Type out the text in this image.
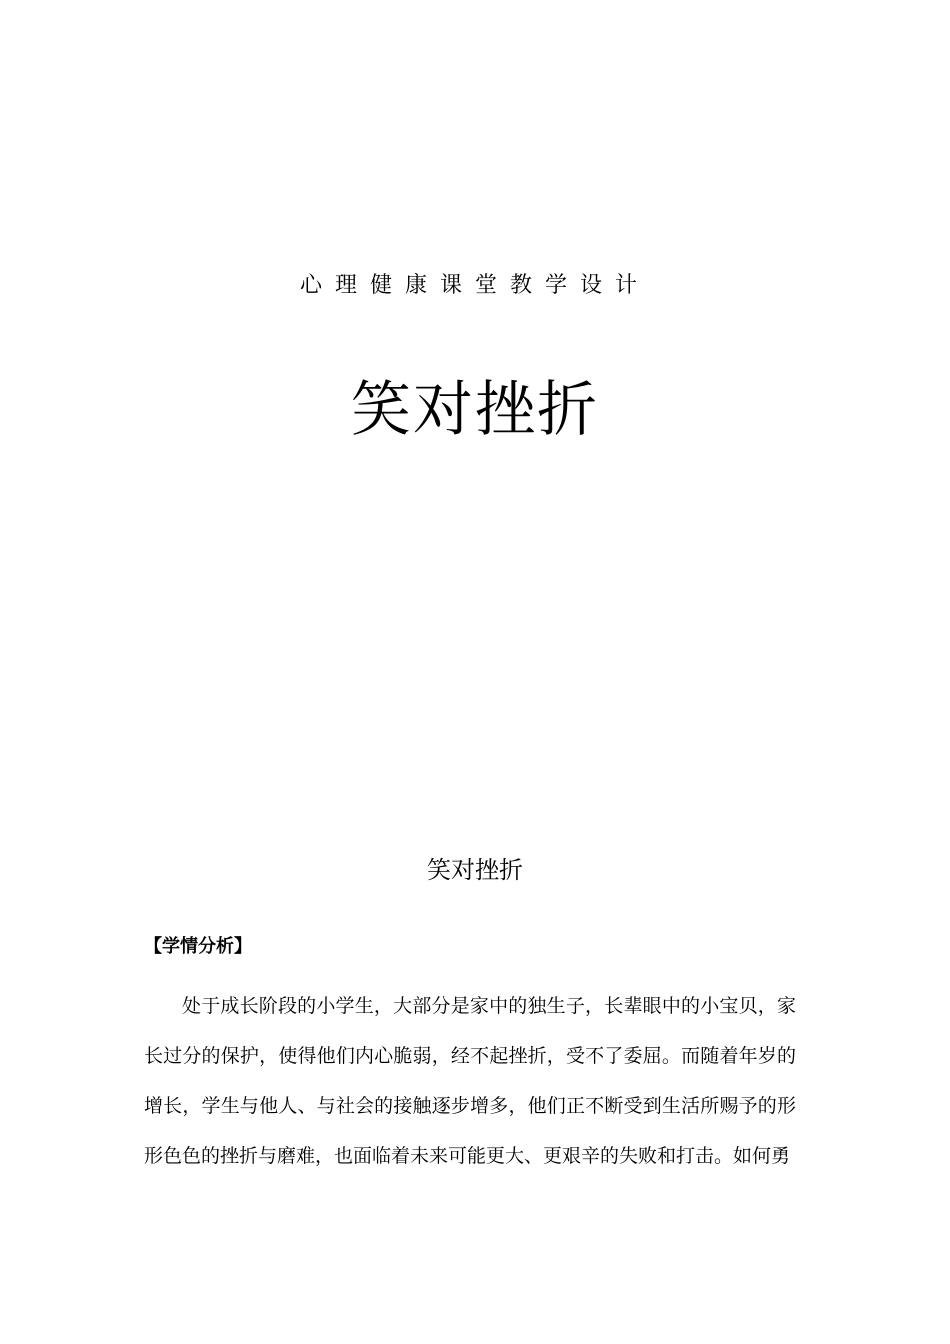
心理健康课堂教学设计
笑对挫折
笑对挫折
【学情分析】

处于成长阶段的小学生，大部分是家中的独生子，长辈眼中的小宝贝，家长过分的保护，使得他们内心脆弱，经不起挫折，受不了委屈。而随着年岁的增长，学生与他人、与社会的接触逐步增多，他们正不断受到生活所赐予的形形色色的挫折与磨难，也面临着未来可能更大、更艰辛的失败和打击。如何勇
